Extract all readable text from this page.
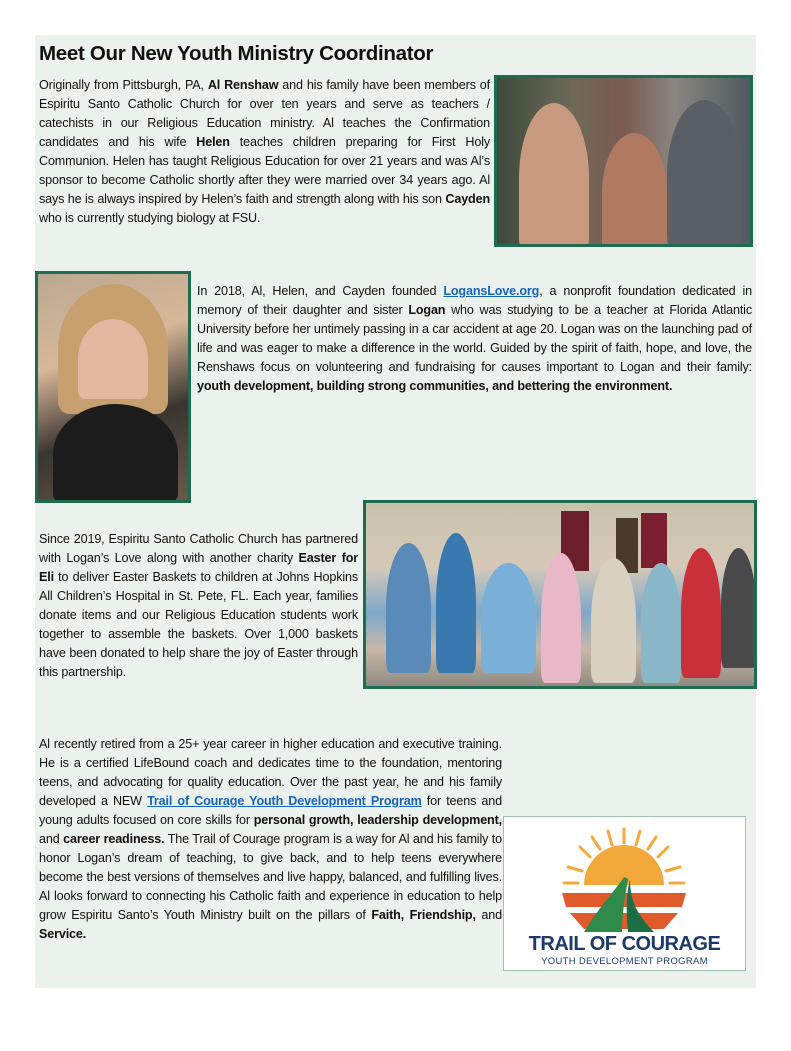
Meet Our New Youth Ministry Coordinator

Originally from Pittsburgh, PA, Al Renshaw and his family have been members of Espiritu Santo Catholic Church for over ten years and serve as teachers / catechists in our Religious Education ministry. Al teaches the Confirmation candidates and his wife Helen teaches children preparing for First Holy Communion. Helen has taught Religious Education for over 21 years and was Al’s sponsor to become Catholic shortly after they were married over 34 years ago. Al says he is always inspired by Helen’s faith and strength along with his son Cayden who is currently studying biology at FSU.

In 2018, Al, Helen, and Cayden founded LogansLove.org, a nonprofit foundation dedicated in memory of their daughter and sister Logan who was studying to be a teacher at Florida Atlantic University before her untimely passing in a car accident at age 20. Logan was on the launching pad of life and was eager to make a difference in the world. Guided by the spirit of faith, hope, and love, the Renshaws focus on volunteering and fundraising for causes important to Logan and their family: youth development, building strong communities, and bettering the environment.

Since 2019, Espiritu Santo Catholic Church has partnered with Logan’s Love along with another charity Easter for Eli to deliver Easter Baskets to children at Johns Hopkins All Children’s Hospital in St. Pete, FL. Each year, families donate items and our Religious Education students work together to assemble the baskets. Over 1,000 baskets have been donated to help share the joy of Easter through this partnership.

TRAIL OF COURAGE
YOUTH DEVELOPMENT PROGRAM

Al recently retired from a 25+ year career in higher education and executive training. He is a certified LifeBound coach and dedicates time to the foundation, mentoring teens, and advocating for quality education. Over the past year, he and his family developed a NEW Trail of Courage Youth Development Program for teens and young adults focused on core skills for personal growth, leadership development, and career readiness. The Trail of Courage program is a way for Al and his family to honor Logan’s dream of teaching, to give back, and to help teens everywhere become the best versions of themselves and live happy, balanced, and fulfilling lives. Al looks forward to connecting his Catholic faith and experience in education to help grow Espiritu Santo’s Youth Ministry built on the pillars of Faith, Friendship, and Service.
